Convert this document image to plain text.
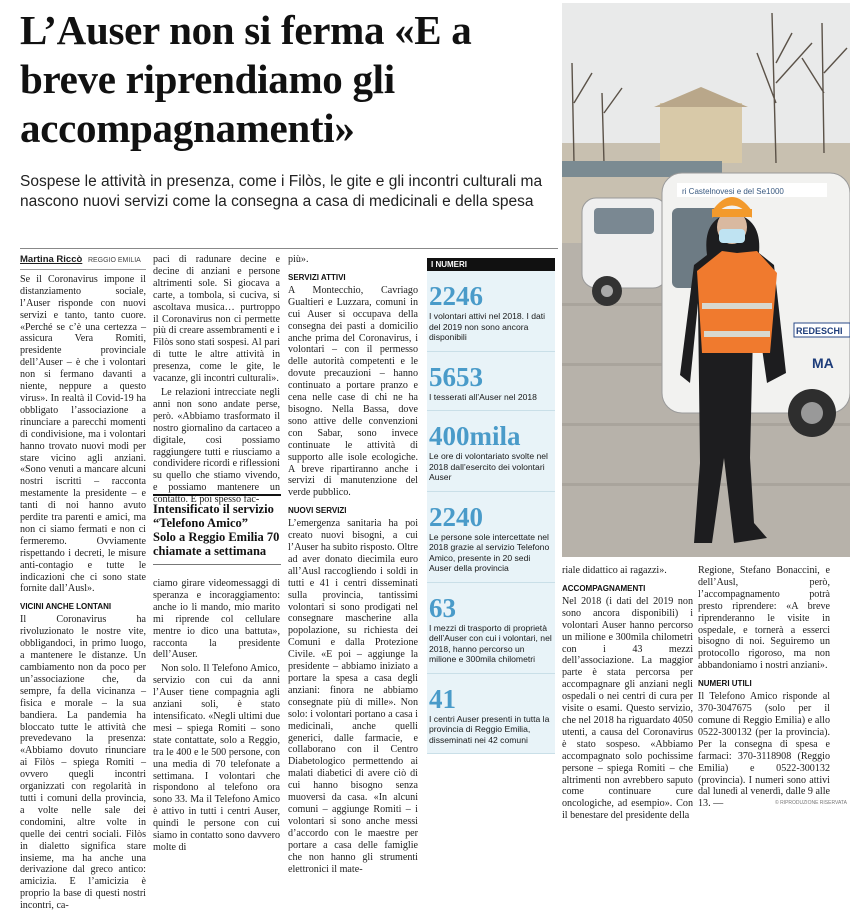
L’Auser non si ferma «E a breve riprendiamo gli accompagnamenti»

Sospese le attività in presenza, come i Filòs, le gite e gli incontri culturali ma nascono nuovi servizi come la consegna a casa di medicinali e della spesa

ri Castelnovesi e del Se1000
REDESCHI
MA
Martina Riccò REGGIO EMILIA

Se il Coronavirus impone il distanziamento sociale, l’Auser risponde con nuovi servizi e tanto, tanto cuore. «Perché se c’è una certezza – assicura Vera Romiti, presidente provinciale dell’Auser – è che i volontari non si fermano davanti a niente, neppure a questo virus». In realtà il Covid-19 ha obbligato l’associazione a rinunciare a parecchi momenti di condivisione, ma i volontari hanno trovato nuovi modi per stare vicino agli anziani. «Sono venuti a mancare alcuni nostri iscritti – racconta mestamente la presidente – e tanti di noi hanno avuto perdite tra parenti e amici, ma non ci siamo fermati e non ci fermeremo. Ovviamente rispettando i decreti, le misure anti-contagio e tutte le indicazioni che ci sono state fornite dall’Ausl».

VICINI ANCHE LONTANI

Il Coronavirus ha rivoluzionato le nostre vite, obbligandoci, in primo luogo, a mantenere le distanze. Un cambiamento non da poco per un’associazione che, da sempre, fa della vicinanza – fisica e morale – la sua bandiera. La pandemia ha bloccato tutte le attività che prevedevano la presenza: «Abbiamo dovuto rinunciare ai Filòs – spiega Romiti – ovvero quegli incontri organizzati con regolarità in tutti i comuni della provincia, a volte nelle sale dei condomini, altre volte in quelle dei centri sociali. Filòs in dialetto significa stare insieme, ma ha anche una derivazione dal greco antico: amicizia. E l’amicizia è proprio la base di questi nostri incontri, ca-

paci di radunare decine e decine di anziani e persone altrimenti sole. Si giocava a carte, a tombola, si cuciva, si ascoltava musica… purtroppo il Coronavirus non ci permette più di creare assembramenti e i Filòs sono stati sospesi. Al pari di tutte le altre attività in presenza, come le gite, le vacanze, gli incontri culturali».

Le relazioni intrecciate negli anni non sono andate perse, però. «Abbiamo trasformato il nostro giornalino da cartaceo a digitale, così possiamo raggiungere tutti e riusciamo a condividere ricordi e riflessioni su quello che stiamo vivendo, e possiamo mantenere un contatto. E poi spesso fac-

Intensificato il servizio “Telefono Amico”
Solo a Reggio Emilia 70 chiamate a settimana

ciamo girare videomessaggi di speranza e incoraggiamento: anche io li mando, mio marito mi riprende col cellulare mentre io dico una battuta», racconta la presidente dell’Auser.

Non solo. Il Telefono Amico, servizio con cui da anni l’Auser tiene compagnia agli anziani soli, è stato intensificato. «Negli ultimi due mesi – spiega Romiti – sono state contattate, solo a Reggio, tra le 400 e le 500 persone, con una media di 70 telefonate a settimana. I volontari che rispondono al telefono ora sono 33. Ma il Telefono Amico è attivo in tutti i centri Auser, quindi le persone con cui siamo in contatto sono davvero molte di

più».

SERVIZI ATTIVI

A Montecchio, Cavriago Gualtieri e Luzzara, comuni in cui Auser si occupava della consegna dei pasti a domicilio anche prima del Coronavirus, i volontari – con il permesso delle autorità competenti e le dovute precauzioni – hanno continuato a portare pranzo e cena nelle case di chi ne ha bisogno. Nella Bassa, dove sono attive delle convenzioni con Sabar, sono invece continuate le attività di supporto alle isole ecologiche. A breve ripartiranno anche i servizi di manutenzione del verde pubblico.

NUOVI SERVIZI

L’emergenza sanitaria ha poi creato nuovi bisogni, a cui l’Auser ha subito risposto. Oltre ad aver donato diecimila euro all’Ausl raccogliendo i soldi in tutti e 41 i centri disseminati sulla provincia, tantissimi volontari si sono prodigati nel consegnare mascherine alla popolazione, su richiesta dei Comuni e dalla Protezione Civile. «E poi – aggiunge la presidente – abbiamo iniziato a portare la spesa a casa degli anziani: finora ne abbiamo consegnate più di mille». Non solo: i volontari portano a casa i medicinali, anche quelli generici, dalle farmacie, e collaborano con il Centro Diabetologico permettendo ai malati diabetici di avere ciò di cui hanno bisogno senza muoversi da casa. «In alcuni comuni – aggiunge Romiti – i volontari si sono anche messi d’accordo con le maestre per portare a casa delle famiglie che non hanno gli strumenti elettronici il mate-

I NUMERI
2246
I volontari attivi nel 2018. I dati del 2019 non sono ancora disponibili
5653
I tesserati all’Auser nel 2018
400mila
Le ore di volontariato svolte nel 2018 dall’esercito dei volontari Auser
2240
Le persone sole intercettate nel 2018 grazie al servizio Telefono Amico, presente in 20 sedi Auser della provincia
63
I mezzi di trasporto di proprietà dell’Auser con cui i volontari, nel 2018, hanno percorso un milione e 300mila chilometri
41
I centri Auser presenti in tutta la provincia di Reggio Emilia, disseminati nei 42 comuni

riale didattico ai ragazzi».

ACCOMPAGNAMENTI

Nel 2018 (i dati del 2019 non sono ancora disponibili) i volontari Auser hanno percorso un milione e 300mila chilometri con i 43 mezzi dell’associazione. La maggior parte è stata percorsa per accompagnare gli anziani negli ospedali o nei centri di cura per visite o esami. Questo servizio, che nel 2018 ha riguardato 4050 utenti, a causa del Coronavirus è stato sospeso. «Abbiamo accompagnato solo pochissime persone – spiega Romiti – che altrimenti non avrebbero saputo come continuare cure oncologiche, ad esempio». Con il benestare del presidente della

Regione, Stefano Bonaccini, e dell’Ausl, però, l’accompagnamento potrà presto riprendere: «A breve riprenderanno le visite in ospedale, e tornerà a esserci bisogno di noi. Seguiremo un protocollo rigoroso, ma non abbandoniamo i nostri anziani».

NUMERI UTILI

Il Telefono Amico risponde al 370-3047675 (solo per il comune di Reggio Emilia) e allo 0522-300132 (per la provincia). Per la consegna di spesa e farmaci: 370-3118908 (Reggio Emilia) e 0522-300132 (provincia). I numeri sono attivi dal lunedì al venerdì, dalle 9 alle 13. —	© RIPRODUZIONE RISERVATA
